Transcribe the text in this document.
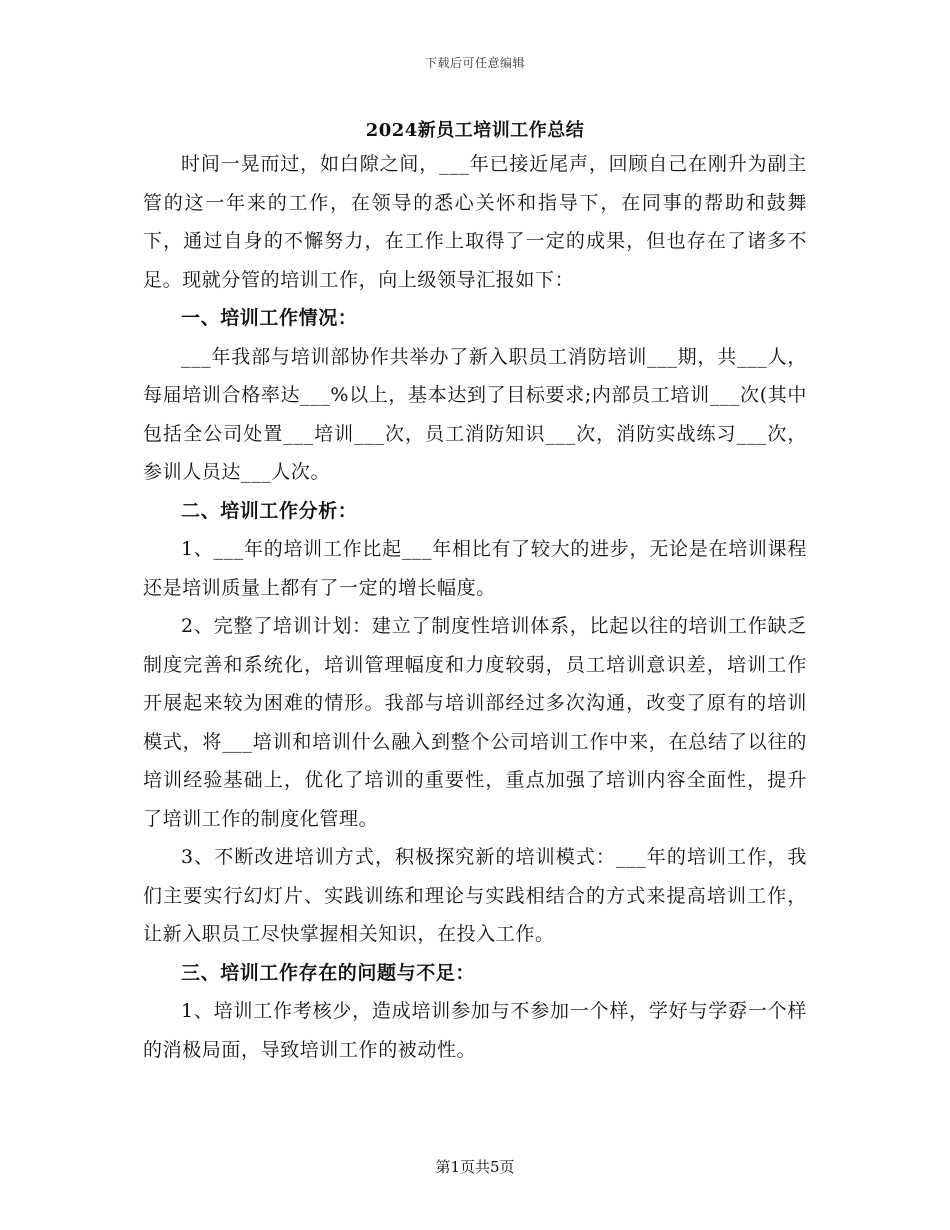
下载后可任意编辑
2024新员工培训工作总结

时间一晃而过，如白隙之间，___年已接近尾声，回顾自己在刚升为副主管的这一年来的工作，在领导的悉心关怀和指导下，在同事的帮助和鼓舞下，通过自身的不懈努力，在工作上取得了一定的成果，但也存在了诸多不足。现就分管的培训工作，向上级领导汇报如下：

一、培训工作情况：

___年我部与培训部协作共举办了新入职员工消防培训___期，共___人，每届培训合格率达___%以上，基本达到了目标要求;内部员工培训___次(其中包括全公司处置___培训___次，员工消防知识___次，消防实战练习___次，参训人员达___人次。

二、培训工作分析：

1、___年的培训工作比起___年相比有了较大的进步，无论是在培训课程还是培训质量上都有了一定的增长幅度。

2、完整了培训计划：建立了制度性培训体系，比起以往的培训工作缺乏制度完善和系统化，培训管理幅度和力度较弱，员工培训意识差，培训工作开展起来较为困难的情形。我部与培训部经过多次沟通，改变了原有的培训模式，将___培训和培训什么融入到整个公司培训工作中来，在总结了以往的培训经验基础上，优化了培训的重要性，重点加强了培训内容全面性，提升了培训工作的制度化管理。

3、不断改进培训方式，积极探究新的培训模式：___年的培训工作，我们主要实行幻灯片、实践训练和理论与实践相结合的方式来提高培训工作，让新入职员工尽快掌握相关知识，在投入工作。

三、培训工作存在的问题与不足：

1、培训工作考核少，造成培训参加与不参加一个样，学好与学孬一个样的消极局面，导致培训工作的被动性。

第1页共5页
